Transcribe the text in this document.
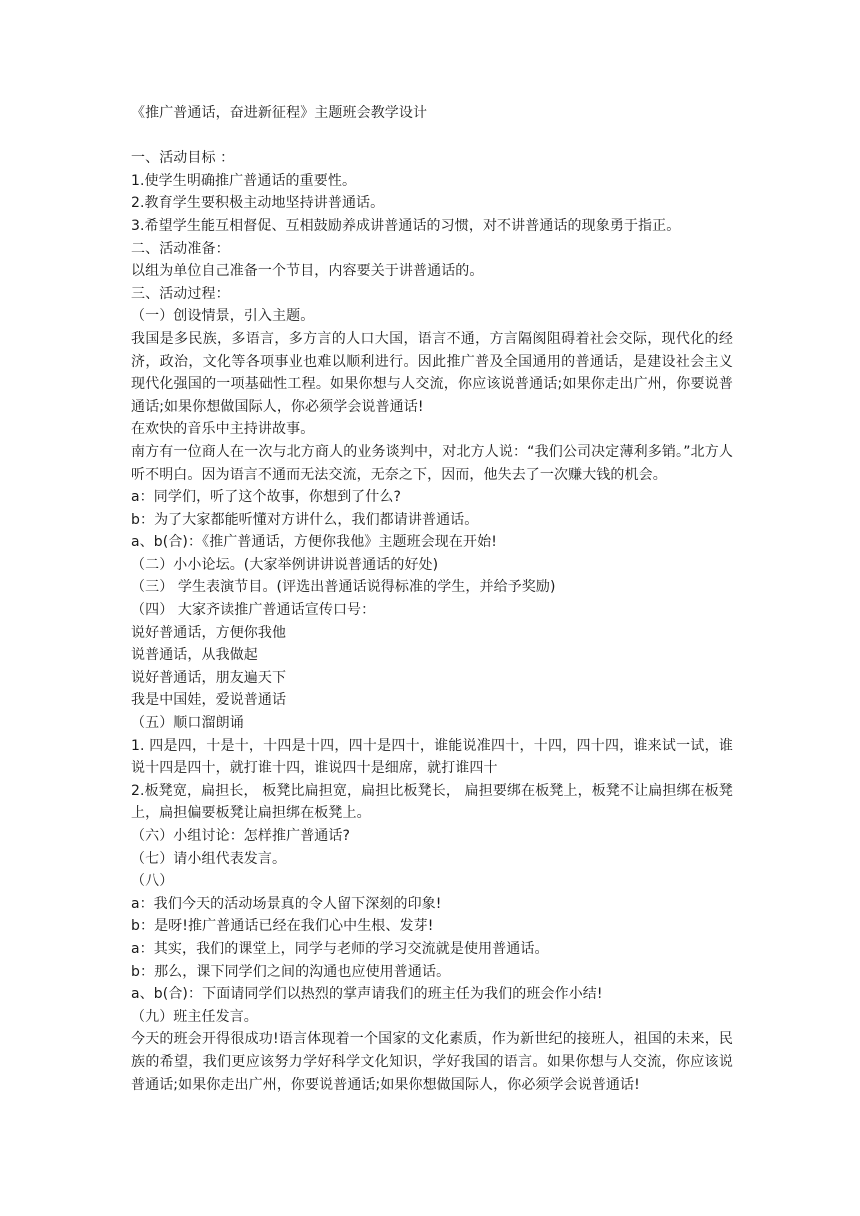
《推广普通话，奋进新征程》主题班会教学设计

一、活动目标 ：

1.使学生明确推广普通话的重要性。

2.教育学生要积极主动地坚持讲普通话。

3.希望学生能互相督促、互相鼓励养成讲普通话的习惯，对不讲普通话的现象勇于指正。

二、活动准备：

以组为单位自己准备一个节目，内容要关于讲普通话的。

三、活动过程：

（一）创设情景，引入主题。

我国是多民族，多语言，多方言的人口大国，语言不通，方言隔阂阻碍着社会交际，现代化的经济，政治，文化等各项事业也难以顺利进行。因此推广普及全国通用的普通话，是建设社会主义现代化强国的一项基础性工程。如果你想与人交流，你应该说普通话;如果你走出广州，你要说普通话;如果你想做国际人，你必须学会说普通话!

在欢快的音乐中主持讲故事。

南方有一位商人在一次与北方商人的业务谈判中，对北方人说：“我们公司决定薄利多销。”北方人听不明白。因为语言不通而无法交流，无奈之下，因而，他失去了一次赚大钱的机会。

a：同学们，听了这个故事，你想到了什么?

b：为了大家都能听懂对方讲什么，我们都请讲普通话。

a、b(合)：《推广普通话，方便你我他》主题班会现在开始!

（二）小小论坛。(大家举例讲讲说普通话的好处)

（三） 学生表演节目。(评选出普通话说得标准的学生，并给予奖励)

（四） 大家齐读推广普通话宣传口号：

说好普通话，方便你我他

说普通话，从我做起

说好普通话，朋友遍天下

我是中国娃，爱说普通话

（五）顺口溜朗诵

1. 四是四，十是十，十四是十四，四十是四十，谁能说准四十，十四，四十四，谁来试一试，谁说十四是四十，就打谁十四，谁说四十是细席，就打谁四十

2.板凳宽，扁担长， 板凳比扁担宽，扁担比板凳长， 扁担要绑在板凳上，板凳不让扁担绑在板凳上，扁担偏要板凳让扁担绑在板凳上。

（六）小组讨论：怎样推广普通话?

（七）请小组代表发言。

（八）

a：我们今天的活动场景真的令人留下深刻的印象!

b：是呀!推广普通话已经在我们心中生根、发芽!

a：其实，我们的课堂上，同学与老师的学习交流就是使用普通话。

b：那么，课下同学们之间的沟通也应使用普通话。

a、b(合)：下面请同学们以热烈的掌声请我们的班主任为我们的班会作小结!

（九）班主任发言。

今天的班会开得很成功!语言体现着一个国家的文化素质，作为新世纪的接班人，祖国的未来，民族的希望，我们更应该努力学好科学文化知识，学好我国的语言。如果你想与人交流，你应该说普通话;如果你走出广州，你要说普通话;如果你想做国际人，你必须学会说普通话!
